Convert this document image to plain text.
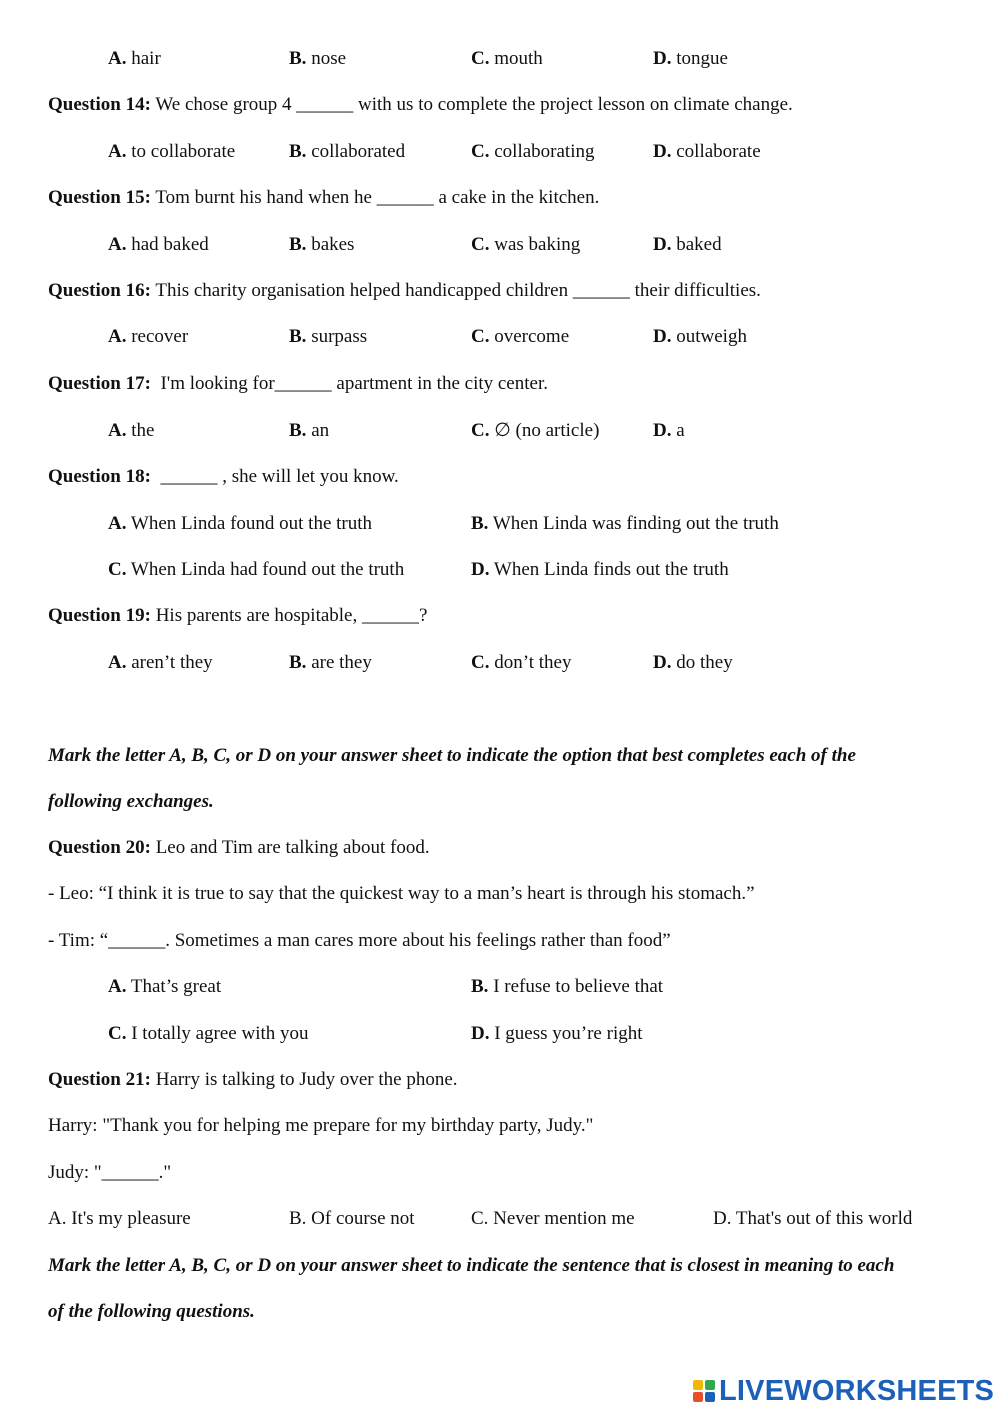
A. hair	B. nose	C. mouth	D. tongue
Question 14: We chose group 4 ______ with us to complete the project lesson on climate change.
A. to collaborate	B. collaborated	C. collaborating	D. collaborate
Question 15: Tom burnt his hand when he ______ a cake in the kitchen.
A. had baked	B. bakes	C. was baking	D. baked
Question 16: This charity organisation helped handicapped children ______ their difficulties.
A. recover	B. surpass	C. overcome	D. outweigh
Question 17:  I'm looking for______ apartment in the city center.
A. the	B. an	C. ∅ (no article)	D. a
Question 18:  ______ , she will let you know.
A. When Linda found out the truth	B. When Linda was finding out the truth
C. When Linda had found out the truth	D. When Linda finds out the truth
Question 19: His parents are hospitable, ______?
A. aren’t they	B. are they	C. don’t they	D. do they
Mark the letter A, B, C, or D on your answer sheet to indicate the option that best completes each of the
following exchanges.
Question 20: Leo and Tim are talking about food.
- Leo: “I think it is true to say that the quickest way to a man’s heart is through his stomach.”
- Tim: “______. Sometimes a man cares more about his feelings rather than food”
A. That’s great	B. I refuse to believe that
C. I totally agree with you	D. I guess you’re right
Question 21: Harry is talking to Judy over the phone.
Harry: "Thank you for helping me prepare for my birthday party, Judy."
Judy: "______."
A. It's my pleasure	B. Of course not	C. Never mention me	D. That's out of this world
Mark the letter A, B, C, or D on your answer sheet to indicate the sentence that is closest in meaning to each
of the following questions.
LIVEWORKSHEETS
